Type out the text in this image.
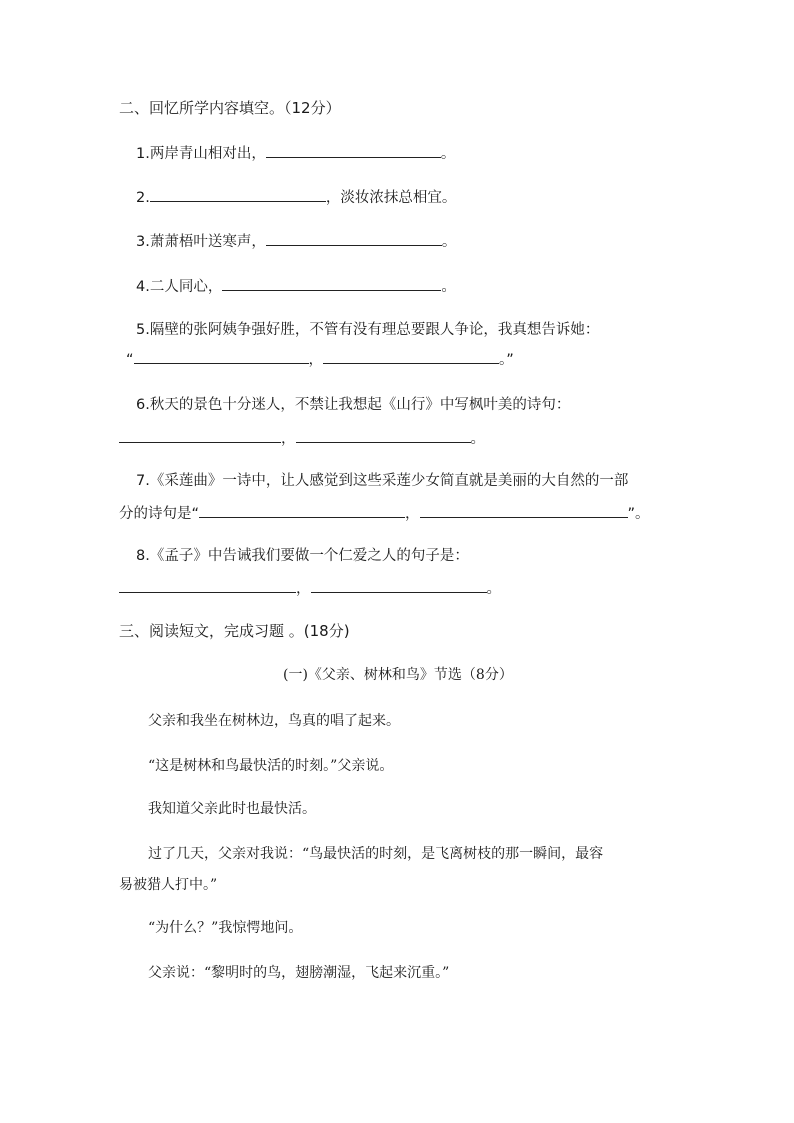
二、回忆所学内容填空。（12分）
1.两岸青山相对出，	。
2.	，淡妆浓抹总相宜。
3.萧萧梧叶送寒声，	。
4.二人同心，	。
5.隔壁的张阿姨争强好胜，不管有没有理总要跟人争论，我真想告诉她：
“	，	。”
6.秋天的景色十分迷人，不禁让我想起《山行》中写枫叶美的诗句：
，	。
7.《采莲曲》一诗中，让人感觉到这些采莲少女简直就是美丽的大自然的一部
分的诗句是“	，	”。
8.《孟子》中告诫我们要做一个仁爱之人的句子是：
，	。
三、阅读短文，完成习题 。(18分)
(一)《父亲、树林和鸟》节选（8分）
父亲和我坐在树林边，鸟真的唱了起来。
“这是树林和鸟最快活的时刻。”父亲说。
我知道父亲此时也最快活。
过了几天，父亲对我说：“鸟最快活的时刻，是飞离树枝的那一瞬间，最容
易被猎人打中。”
“为什么？”我惊愕地问。
父亲说：“黎明时的鸟，翅膀潮湿，飞起来沉重。”
